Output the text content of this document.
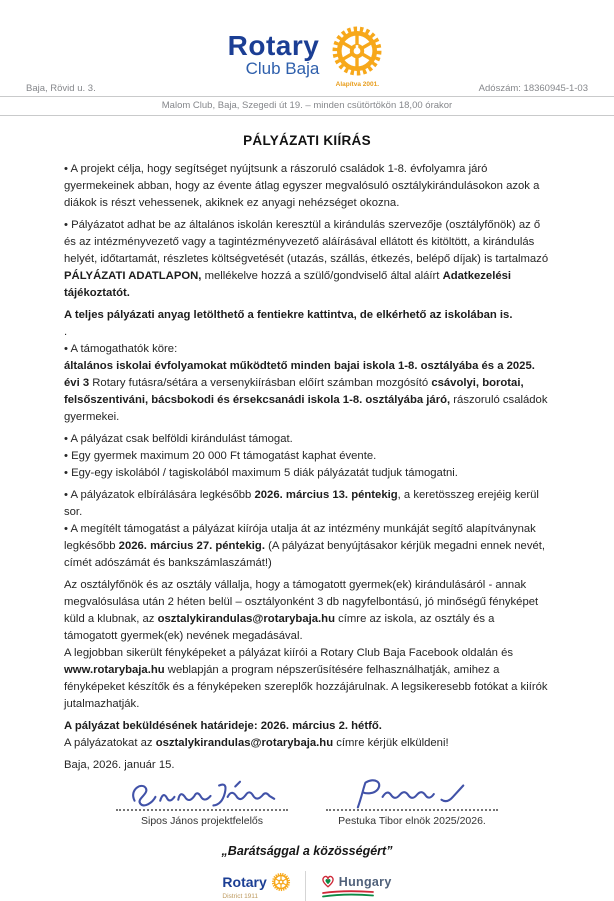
Rotary
Club Baja
Alapítva 2001.
Baja, Rövid u. 3.	Adószám: 18360945-1-03
Malom Club, Baja, Szegedi út 19. – minden csütörtökön 18,00 órakor
PÁLYÁZATI KIÍRÁS

• A projekt célja, hogy segítséget nyújtsunk a rászoruló családok 1-8. évfolyamra járó gyermekeinek abban, hogy az évente átlag egyszer megvalósuló osztálykirándulásokon azok a diákok is részt vehessenek, akiknek ez anyagi nehézséget okozna.

• Pályázatot adhat be az általános iskolán keresztül a kirándulás szervezője (osztályfőnök) az ő és az intézményvezető vagy a tagintézményvezető aláírásával ellátott és kitöltött, a kirándulás helyét, időtartamát, részletes költségvetését (utazás, szállás, étkezés, belépő díjak) is tartalmazó PÁLYÁZATI ADATLAPON, mellékelve hozzá a szülő/gondviselő által aláírt Adatkezelési tájékoztatót.

A teljes pályázati anyag letölthető a fentiekre kattintva, de elkérhető az iskolában is.

.

• A támogathatók köre:

általános iskolai évfolyamokat működtető minden bajai iskola 1-8. osztályába és a 2025. évi 3 Rotary futásra/sétára a versenykiírásban előírt számban mozgósító csávolyi, borotai, felsőszentiváni, bácsbokodi és érsekcsanádi iskola 1-8. osztályába járó, rászoruló családok gyermekei.

• A pályázat csak belföldi kirándulást támogat.

• Egy gyermek maximum 20 000 Ft támogatást kaphat évente.

• Egy-egy iskolából / tagiskolából maximum 5 diák pályázatát tudjuk támogatni.

• A pályázatok elbírálására legkésőbb 2026. március 13. péntekig, a keretösszeg erejéig kerül sor.

• A megítélt támogatást a pályázat kiírója utalja át az intézmény munkáját segítő alapítványnak legkésőbb 2026. március 27. péntekig. (A pályázat benyújtásakor kérjük megadni ennek nevét, címét adószámát és bankszámlaszámát!)

Az osztályfőnök és az osztály vállalja, hogy a támogatott gyermek(ek) kirándulásáról - annak megvalósulása után 2 héten belül – osztályonként 3 db nagyfelbontású, jó minőségű fényképet küld a klubnak, az osztalykirandulas@rotarybaja.hu címre az iskola, az osztály és a támogatott gyermek(ek) nevének megadásával.

A legjobban sikerült fényképeket a pályázat kiírói a Rotary Club Baja Facebook oldalán és www.rotarybaja.hu weblapján a program népszerűsítésére felhasználhatják, amihez a fényképeket készítők és a fényképeken szereplők hozzájárulnak. A legsikeresebb fotókat a kiírók jutalmazhatják.

A pályázat beküldésének határideje: 2026. március 2. hétfő.

A pályázatokat az osztalykirandulas@rotarybaja.hu címre kérjük elküldeni!

Baja, 2026. január 15.

Sipos János projektfelelős	Pestuka Tibor elnök 2025/2026.
„Barátsággal a közösségért”
Rotary
District 1911
Hungary
